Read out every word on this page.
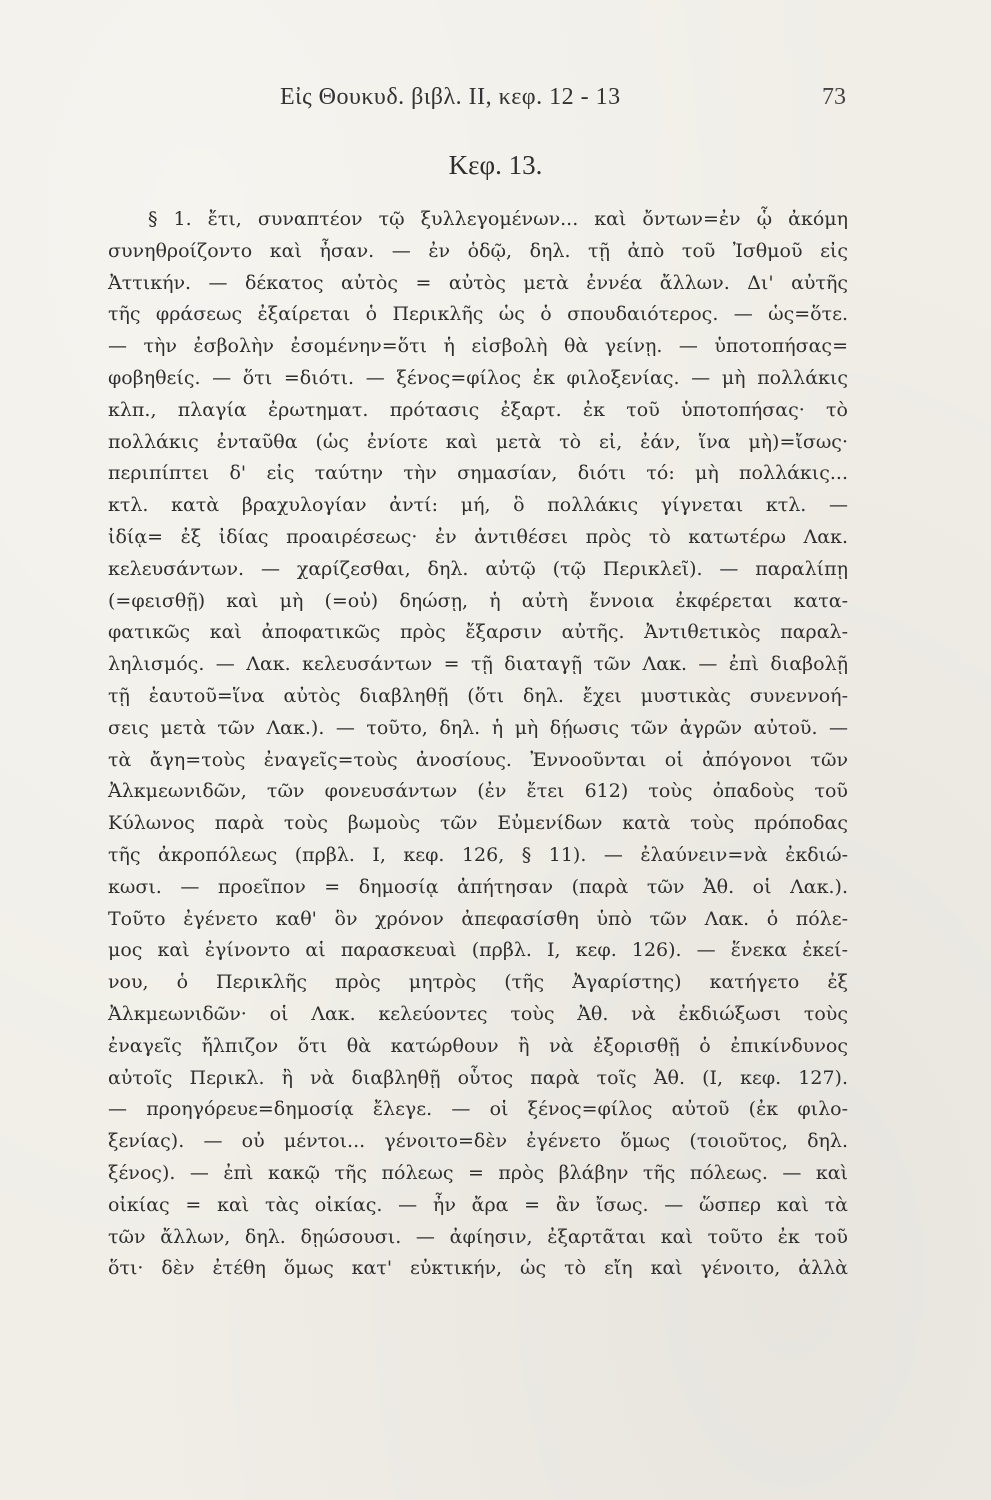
Εἰς Θουκυδ. βιβλ. II, κεφ. 12 - 13	73
Κεφ. 13.
§ 1. ἔτι, συναπτέον τῷ ξυλλεγομένων... καὶ ὄντων=ἐν ᾧ ἀκόμη
συνηθροίζοντο καὶ ἦσαν. — ἐν ὁδῷ, δηλ. τῇ ἀπὸ τοῦ Ἰσθμοῦ εἰς
Ἀττικήν. — δέκατος αὐτὸς = αὐτὸς μετὰ ἐννέα ἄλλων. Δι' αὐτῆς
τῆς φράσεως ἐξαίρεται ὁ Περικλῆς ὡς ὁ σπουδαιότερος. — ὡς=ὅτε.
— τὴν ἐσβολὴν ἐσομένην=ὅτι ἡ εἰσβολὴ θὰ γείνῃ. — ὑποτοπήσας=
φοβηθείς. — ὅτι =διότι. — ξένος=φίλος ἐκ φιλοξενίας. — μὴ πολλάκις
κλπ., πλαγία ἐρωτηματ. πρότασις ἐξαρτ. ἐκ τοῦ ὑποτοπήσας· τὸ
πολλάκις ἐνταῦθα (ὡς ἐνίοτε καὶ μετὰ τὸ εἰ, ἐάν, ἵνα μὴ)=ἴσως·
περιπίπτει δ' εἰς ταύτην τὴν σημασίαν, διότι τό: μὴ πολλάκις...
κτλ. κατὰ βραχυλογίαν ἀντί: μή, ὃ πολλάκις γίγνεται κτλ. —
ἰδίᾳ= ἐξ ἰδίας προαιρέσεως· ἐν ἀντιθέσει πρὸς τὸ κατωτέρω Λακ.
κελευσάντων. — χαρίζεσθαι, δηλ. αὐτῷ (τῷ Περικλεῖ). — παραλίπῃ
(=φεισθῇ) καὶ μὴ (=οὐ) δηώσῃ, ἡ αὐτὴ ἔννοια ἐκφέρεται κατα-
φατικῶς καὶ ἀποφατικῶς πρὸς ἔξαρσιν αὐτῆς. Ἀντιθετικὸς παραλ-
ληλισμός. — Λακ. κελευσάντων = τῇ διαταγῇ τῶν Λακ. — ἐπὶ διαβολῇ
τῇ ἑαυτοῦ=ἵνα αὐτὸς διαβληθῇ (ὅτι δηλ. ἔχει μυστικὰς συνεννοή-
σεις μετὰ τῶν Λακ.). — τοῦτο, δηλ. ἡ μὴ δῄωσις τῶν ἀγρῶν αὐτοῦ. —
τὰ ἄγη=τοὺς ἐναγεῖς=τοὺς ἀνοσίους. Ἐννοοῦνται οἱ ἀπόγονοι τῶν
Ἀλκμεωνιδῶν, τῶν φονευσάντων (ἐν ἔτει 612) τοὺς ὀπαδοὺς τοῦ
Κύλωνος παρὰ τοὺς βωμοὺς τῶν Εὐμενίδων κατὰ τοὺς πρόποδας
τῆς ἀκροπόλεως (πρβλ. I, κεφ. 126, § 11). — ἐλαύνειν=νὰ ἐκδιώ-
κωσι. — προεῖπον = δημοσίᾳ ἀπήτησαν (παρὰ τῶν Ἀθ. οἱ Λακ.).
Τοῦτο ἐγένετο καθ' ὃν χρόνον ἀπεφασίσθη ὑπὸ τῶν Λακ. ὁ πόλε-
μος καὶ ἐγίνοντο αἱ παρασκευαὶ (πρβλ. I, κεφ. 126). — ἕνεκα ἐκεί-
νου, ὁ Περικλῆς πρὸς μητρὸς (τῆς Ἀγαρίστης) κατήγετο ἐξ
Ἀλκμεωνιδῶν· οἱ Λακ. κελεύοντες τοὺς Ἀθ. νὰ ἐκδιώξωσι τοὺς
ἐναγεῖς ἤλπιζον ὅτι θὰ κατώρθουν ἢ νὰ ἐξορισθῇ ὁ ἐπικίνδυνος
αὐτοῖς Περικλ. ἢ νὰ διαβληθῇ οὗτος παρὰ τοῖς Ἀθ. (I, κεφ. 127).
— προηγόρευε=δημοσίᾳ ἔλεγε. — οἱ ξένος=φίλος αὐτοῦ (ἐκ φιλο-
ξενίας). — οὐ μέντοι... γένοιτο=δὲν ἐγένετο ὅμως (τοιοῦτος, δηλ.
ξένος). — ἐπὶ κακῷ τῆς πόλεως = πρὸς βλάβην τῆς πόλεως. — καὶ
οἰκίας = καὶ τὰς οἰκίας. — ἦν ἄρα = ἂν ἴσως. — ὥσπερ καὶ τὰ
τῶν ἄλλων, δηλ. δῃώσουσι. — ἀφίησιν, ἐξαρτᾶται καὶ τοῦτο ἐκ τοῦ
ὅτι· δὲν ἐτέθη ὅμως κατ' εὐκτικήν, ὡς τὸ εἴη καὶ γένοιτο, ἀλλὰ
